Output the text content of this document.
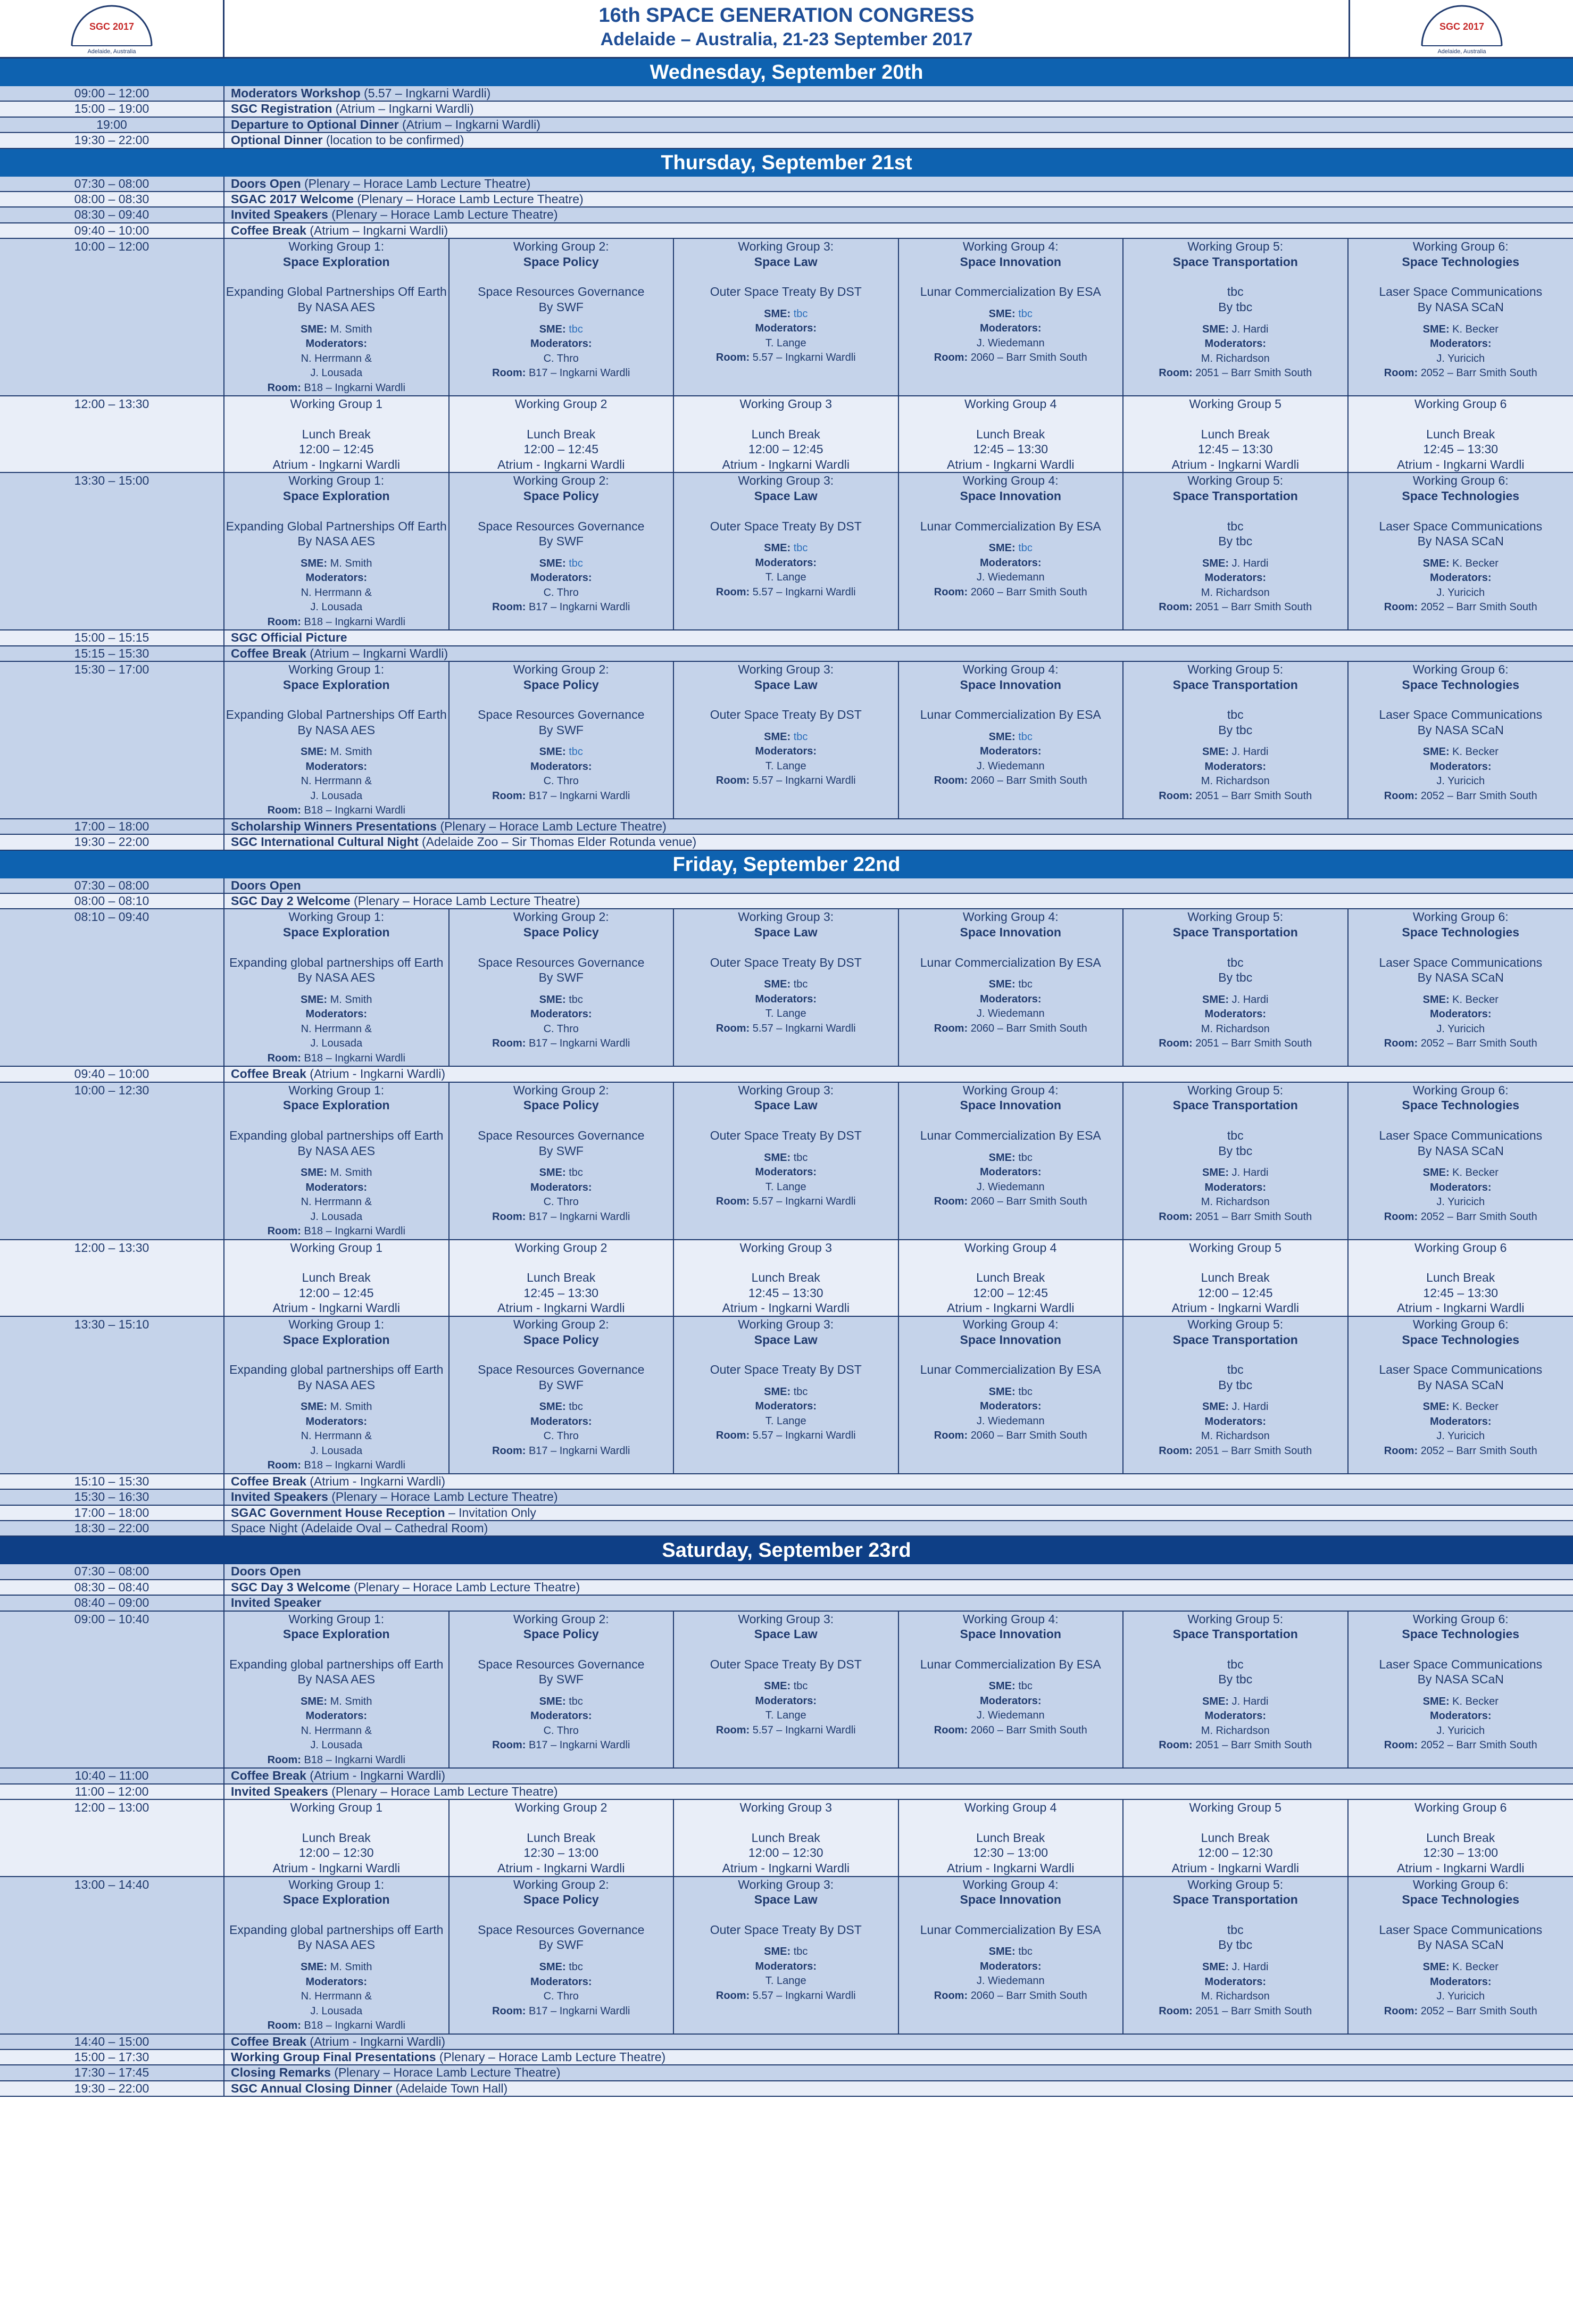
SGC 2017
Adelaide, Australia
16th SPACE GENERATION CONGRESS
Adelaide – Australia, 21-23 September 2017
SGC 2017
Adelaide, Australia
Wednesday, September 20th
09:00 – 12:00	Moderators Workshop (5.57 – Ingkarni Wardli)
15:00 – 19:00	SGC Registration (Atrium – Ingkarni Wardli)
19:00	Departure to Optional Dinner (Atrium – Ingkarni Wardli)
19:30 – 22:00	Optional Dinner (location to be confirmed)
Thursday, September 21st
07:30 – 08:00	Doors Open (Plenary – Horace Lamb Lecture Theatre)
08:00 – 08:30	SGAC 2017 Welcome (Plenary – Horace Lamb Lecture Theatre)
08:30 – 09:40	Invited Speakers (Plenary – Horace Lamb Lecture Theatre)
09:40 – 10:00	Coffee Break (Atrium – Ingkarni Wardli)
10:00 – 12:00	Working Group 1:
Space Exploration
Expanding Global Partnerships Off Earth
By NASA AES
SME: M. Smith
Moderators:
N. Herrmann &
J. Lousada
Room: B18 – Ingkarni Wardli
Working Group 2:
Space Policy
Space Resources Governance
By SWF
SME: tbc
Moderators:
C. Thro
Room: B17 – Ingkarni Wardli
Working Group 3:
Space Law
Outer Space Treaty By DST
SME: tbc
Moderators:
T. Lange
Room: 5.57 – Ingkarni Wardli
Working Group 4:
Space Innovation
Lunar Commercialization By ESA
SME: tbc
Moderators:
J. Wiedemann
Room: 2060 – Barr Smith South
Working Group 5:
Space Transportation
tbc
By tbc
SME: J. Hardi
Moderators:
M. Richardson
Room: 2051 – Barr Smith South
Working Group 6:
Space Technologies
Laser Space Communications
By NASA SCaN
SME: K. Becker
Moderators:
J. Yuricich
Room: 2052 – Barr Smith South
12:00 – 13:30	Working Group 1
Lunch Break
12:00 – 12:45
Atrium - Ingkarni Wardli
Working Group 2
Lunch Break
12:00 – 12:45
Atrium - Ingkarni Wardli
Working Group 3
Lunch Break
12:00 – 12:45
Atrium - Ingkarni Wardli
Working Group 4
Lunch Break
12:45 – 13:30
Atrium - Ingkarni Wardli
Working Group 5
Lunch Break
12:45 – 13:30
Atrium - Ingkarni Wardli
Working Group 6
Lunch Break
12:45 – 13:30
Atrium - Ingkarni Wardli
13:30 – 15:00	Working Group 1:
Space Exploration
Expanding Global Partnerships Off Earth
By NASA AES
SME: M. Smith
Moderators:
N. Herrmann &
J. Lousada
Room: B18 – Ingkarni Wardli
Working Group 2:
Space Policy
Space Resources Governance
By SWF
SME: tbc
Moderators:
C. Thro
Room: B17 – Ingkarni Wardli
Working Group 3:
Space Law
Outer Space Treaty By DST
SME: tbc
Moderators:
T. Lange
Room: 5.57 – Ingkarni Wardli
Working Group 4:
Space Innovation
Lunar Commercialization By ESA
SME: tbc
Moderators:
J. Wiedemann
Room: 2060 – Barr Smith South
Working Group 5:
Space Transportation
tbc
By tbc
SME: J. Hardi
Moderators:
M. Richardson
Room: 2051 – Barr Smith South
Working Group 6:
Space Technologies
Laser Space Communications
By NASA SCaN
SME: K. Becker
Moderators:
J. Yuricich
Room: 2052 – Barr Smith South
15:00 – 15:15	SGC Official Picture
15:15 – 15:30	Coffee Break (Atrium – Ingkarni Wardli)
15:30 – 17:00	Working Group 1:
Space Exploration
Expanding Global Partnerships Off Earth
By NASA AES
SME: M. Smith
Moderators:
N. Herrmann &
J. Lousada
Room: B18 – Ingkarni Wardli
Working Group 2:
Space Policy
Space Resources Governance
By SWF
SME: tbc
Moderators:
C. Thro
Room: B17 – Ingkarni Wardli
Working Group 3:
Space Law
Outer Space Treaty By DST
SME: tbc
Moderators:
T. Lange
Room: 5.57 – Ingkarni Wardli
Working Group 4:
Space Innovation
Lunar Commercialization By ESA
SME: tbc
Moderators:
J. Wiedemann
Room: 2060 – Barr Smith South
Working Group 5:
Space Transportation
tbc
By tbc
SME: J. Hardi
Moderators:
M. Richardson
Room: 2051 – Barr Smith South
Working Group 6:
Space Technologies
Laser Space Communications
By NASA SCaN
SME: K. Becker
Moderators:
J. Yuricich
Room: 2052 – Barr Smith South
17:00 – 18:00	Scholarship Winners Presentations (Plenary – Horace Lamb Lecture Theatre)
19:30 – 22:00	SGC International Cultural Night (Adelaide Zoo – Sir Thomas Elder Rotunda venue)
Friday, September 22nd
07:30 – 08:00	Doors Open
08:00 – 08:10	SGC Day 2 Welcome (Plenary – Horace Lamb Lecture Theatre)
08:10 – 09:40	Working Group 1:
Space Exploration
Expanding global partnerships off Earth
By NASA AES
SME: M. Smith
Moderators:
N. Herrmann &
J. Lousada
Room: B18 – Ingkarni Wardli
Working Group 2:
Space Policy
Space Resources Governance
By SWF
SME: tbc
Moderators:
C. Thro
Room: B17 – Ingkarni Wardli
Working Group 3:
Space Law
Outer Space Treaty By DST
SME: tbc
Moderators:
T. Lange
Room: 5.57 – Ingkarni Wardli
Working Group 4:
Space Innovation
Lunar Commercialization By ESA
SME: tbc
Moderators:
J. Wiedemann
Room: 2060 – Barr Smith South
Working Group 5:
Space Transportation
tbc
By tbc
SME: J. Hardi
Moderators:
M. Richardson
Room: 2051 – Barr Smith South
Working Group 6:
Space Technologies
Laser Space Communications
By NASA SCaN
SME: K. Becker
Moderators:
J. Yuricich
Room: 2052 – Barr Smith South
09:40 – 10:00	Coffee Break (Atrium - Ingkarni Wardli)
10:00 – 12:30	Working Group 1:
Space Exploration
Expanding global partnerships off Earth
By NASA AES
SME: M. Smith
Moderators:
N. Herrmann &
J. Lousada
Room: B18 – Ingkarni Wardli
Working Group 2:
Space Policy
Space Resources Governance
By SWF
SME: tbc
Moderators:
C. Thro
Room: B17 – Ingkarni Wardli
Working Group 3:
Space Law
Outer Space Treaty By DST
SME: tbc
Moderators:
T. Lange
Room: 5.57 – Ingkarni Wardli
Working Group 4:
Space Innovation
Lunar Commercialization By ESA
SME: tbc
Moderators:
J. Wiedemann
Room: 2060 – Barr Smith South
Working Group 5:
Space Transportation
tbc
By tbc
SME: J. Hardi
Moderators:
M. Richardson
Room: 2051 – Barr Smith South
Working Group 6:
Space Technologies
Laser Space Communications
By NASA SCaN
SME: K. Becker
Moderators:
J. Yuricich
Room: 2052 – Barr Smith South
12:00 – 13:30	Working Group 1
Lunch Break
12:00 – 12:45
Atrium - Ingkarni Wardli
Working Group 2
Lunch Break
12:45 – 13:30
Atrium - Ingkarni Wardli
Working Group 3
Lunch Break
12:45 – 13:30
Atrium - Ingkarni Wardli
Working Group 4
Lunch Break
12:00 – 12:45
Atrium - Ingkarni Wardli
Working Group 5
Lunch Break
12:00 – 12:45
Atrium - Ingkarni Wardli
Working Group 6
Lunch Break
12:45 – 13:30
Atrium - Ingkarni Wardli
13:30 – 15:10	Working Group 1:
Space Exploration
Expanding global partnerships off Earth
By NASA AES
SME: M. Smith
Moderators:
N. Herrmann &
J. Lousada
Room: B18 – Ingkarni Wardli
Working Group 2:
Space Policy
Space Resources Governance
By SWF
SME: tbc
Moderators:
C. Thro
Room: B17 – Ingkarni Wardli
Working Group 3:
Space Law
Outer Space Treaty By DST
SME: tbc
Moderators:
T. Lange
Room: 5.57 – Ingkarni Wardli
Working Group 4:
Space Innovation
Lunar Commercialization By ESA
SME: tbc
Moderators:
J. Wiedemann
Room: 2060 – Barr Smith South
Working Group 5:
Space Transportation
tbc
By tbc
SME: J. Hardi
Moderators:
M. Richardson
Room: 2051 – Barr Smith South
Working Group 6:
Space Technologies
Laser Space Communications
By NASA SCaN
SME: K. Becker
Moderators:
J. Yuricich
Room: 2052 – Barr Smith South
15:10 – 15:30	Coffee Break (Atrium - Ingkarni Wardli)
15:30 – 16:30	Invited Speakers (Plenary – Horace Lamb Lecture Theatre)
17:00 – 18:00	SGAC Government House Reception – Invitation Only
18:30 – 22:00	Space Night (Adelaide Oval – Cathedral Room)
Saturday, September 23rd
07:30 – 08:00	Doors Open
08:30 – 08:40	SGC Day 3 Welcome (Plenary – Horace Lamb Lecture Theatre)
08:40 – 09:00	Invited Speaker
09:00 – 10:40	Working Group 1:
Space Exploration
Expanding global partnerships off Earth
By NASA AES
SME: M. Smith
Moderators:
N. Herrmann &
J. Lousada
Room: B18 – Ingkarni Wardli
Working Group 2:
Space Policy
Space Resources Governance
By SWF
SME: tbc
Moderators:
C. Thro
Room: B17 – Ingkarni Wardli
Working Group 3:
Space Law
Outer Space Treaty By DST
SME: tbc
Moderators:
T. Lange
Room: 5.57 – Ingkarni Wardli
Working Group 4:
Space Innovation
Lunar Commercialization By ESA
SME: tbc
Moderators:
J. Wiedemann
Room: 2060 – Barr Smith South
Working Group 5:
Space Transportation
tbc
By tbc
SME: J. Hardi
Moderators:
M. Richardson
Room: 2051 – Barr Smith South
Working Group 6:
Space Technologies
Laser Space Communications
By NASA SCaN
SME: K. Becker
Moderators:
J. Yuricich
Room: 2052 – Barr Smith South
10:40 – 11:00	Coffee Break (Atrium - Ingkarni Wardli)
11:00 – 12:00	Invited Speakers (Plenary – Horace Lamb Lecture Theatre)
12:00 – 13:00	Working Group 1
Lunch Break
12:00 – 12:30
Atrium - Ingkarni Wardli
Working Group 2
Lunch Break
12:30 – 13:00
Atrium - Ingkarni Wardli
Working Group 3
Lunch Break
12:00 – 12:30
Atrium - Ingkarni Wardli
Working Group 4
Lunch Break
12:30 – 13:00
Atrium - Ingkarni Wardli
Working Group 5
Lunch Break
12:00 – 12:30
Atrium - Ingkarni Wardli
Working Group 6
Lunch Break
12:30 – 13:00
Atrium - Ingkarni Wardli
13:00 – 14:40	Working Group 1:
Space Exploration
Expanding global partnerships off Earth
By NASA AES
SME: M. Smith
Moderators:
N. Herrmann &
J. Lousada
Room: B18 – Ingkarni Wardli
Working Group 2:
Space Policy
Space Resources Governance
By SWF
SME: tbc
Moderators:
C. Thro
Room: B17 – Ingkarni Wardli
Working Group 3:
Space Law
Outer Space Treaty By DST
SME: tbc
Moderators:
T. Lange
Room: 5.57 – Ingkarni Wardli
Working Group 4:
Space Innovation
Lunar Commercialization By ESA
SME: tbc
Moderators:
J. Wiedemann
Room: 2060 – Barr Smith South
Working Group 5:
Space Transportation
tbc
By tbc
SME: J. Hardi
Moderators:
M. Richardson
Room: 2051 – Barr Smith South
Working Group 6:
Space Technologies
Laser Space Communications
By NASA SCaN
SME: K. Becker
Moderators:
J. Yuricich
Room: 2052 – Barr Smith South
14:40 – 15:00	Coffee Break (Atrium - Ingkarni Wardli)
15:00 – 17:30	Working Group Final Presentations (Plenary – Horace Lamb Lecture Theatre)
17:30 – 17:45	Closing Remarks (Plenary – Horace Lamb Lecture Theatre)
19:30 – 22:00	SGC Annual Closing Dinner (Adelaide Town Hall)
